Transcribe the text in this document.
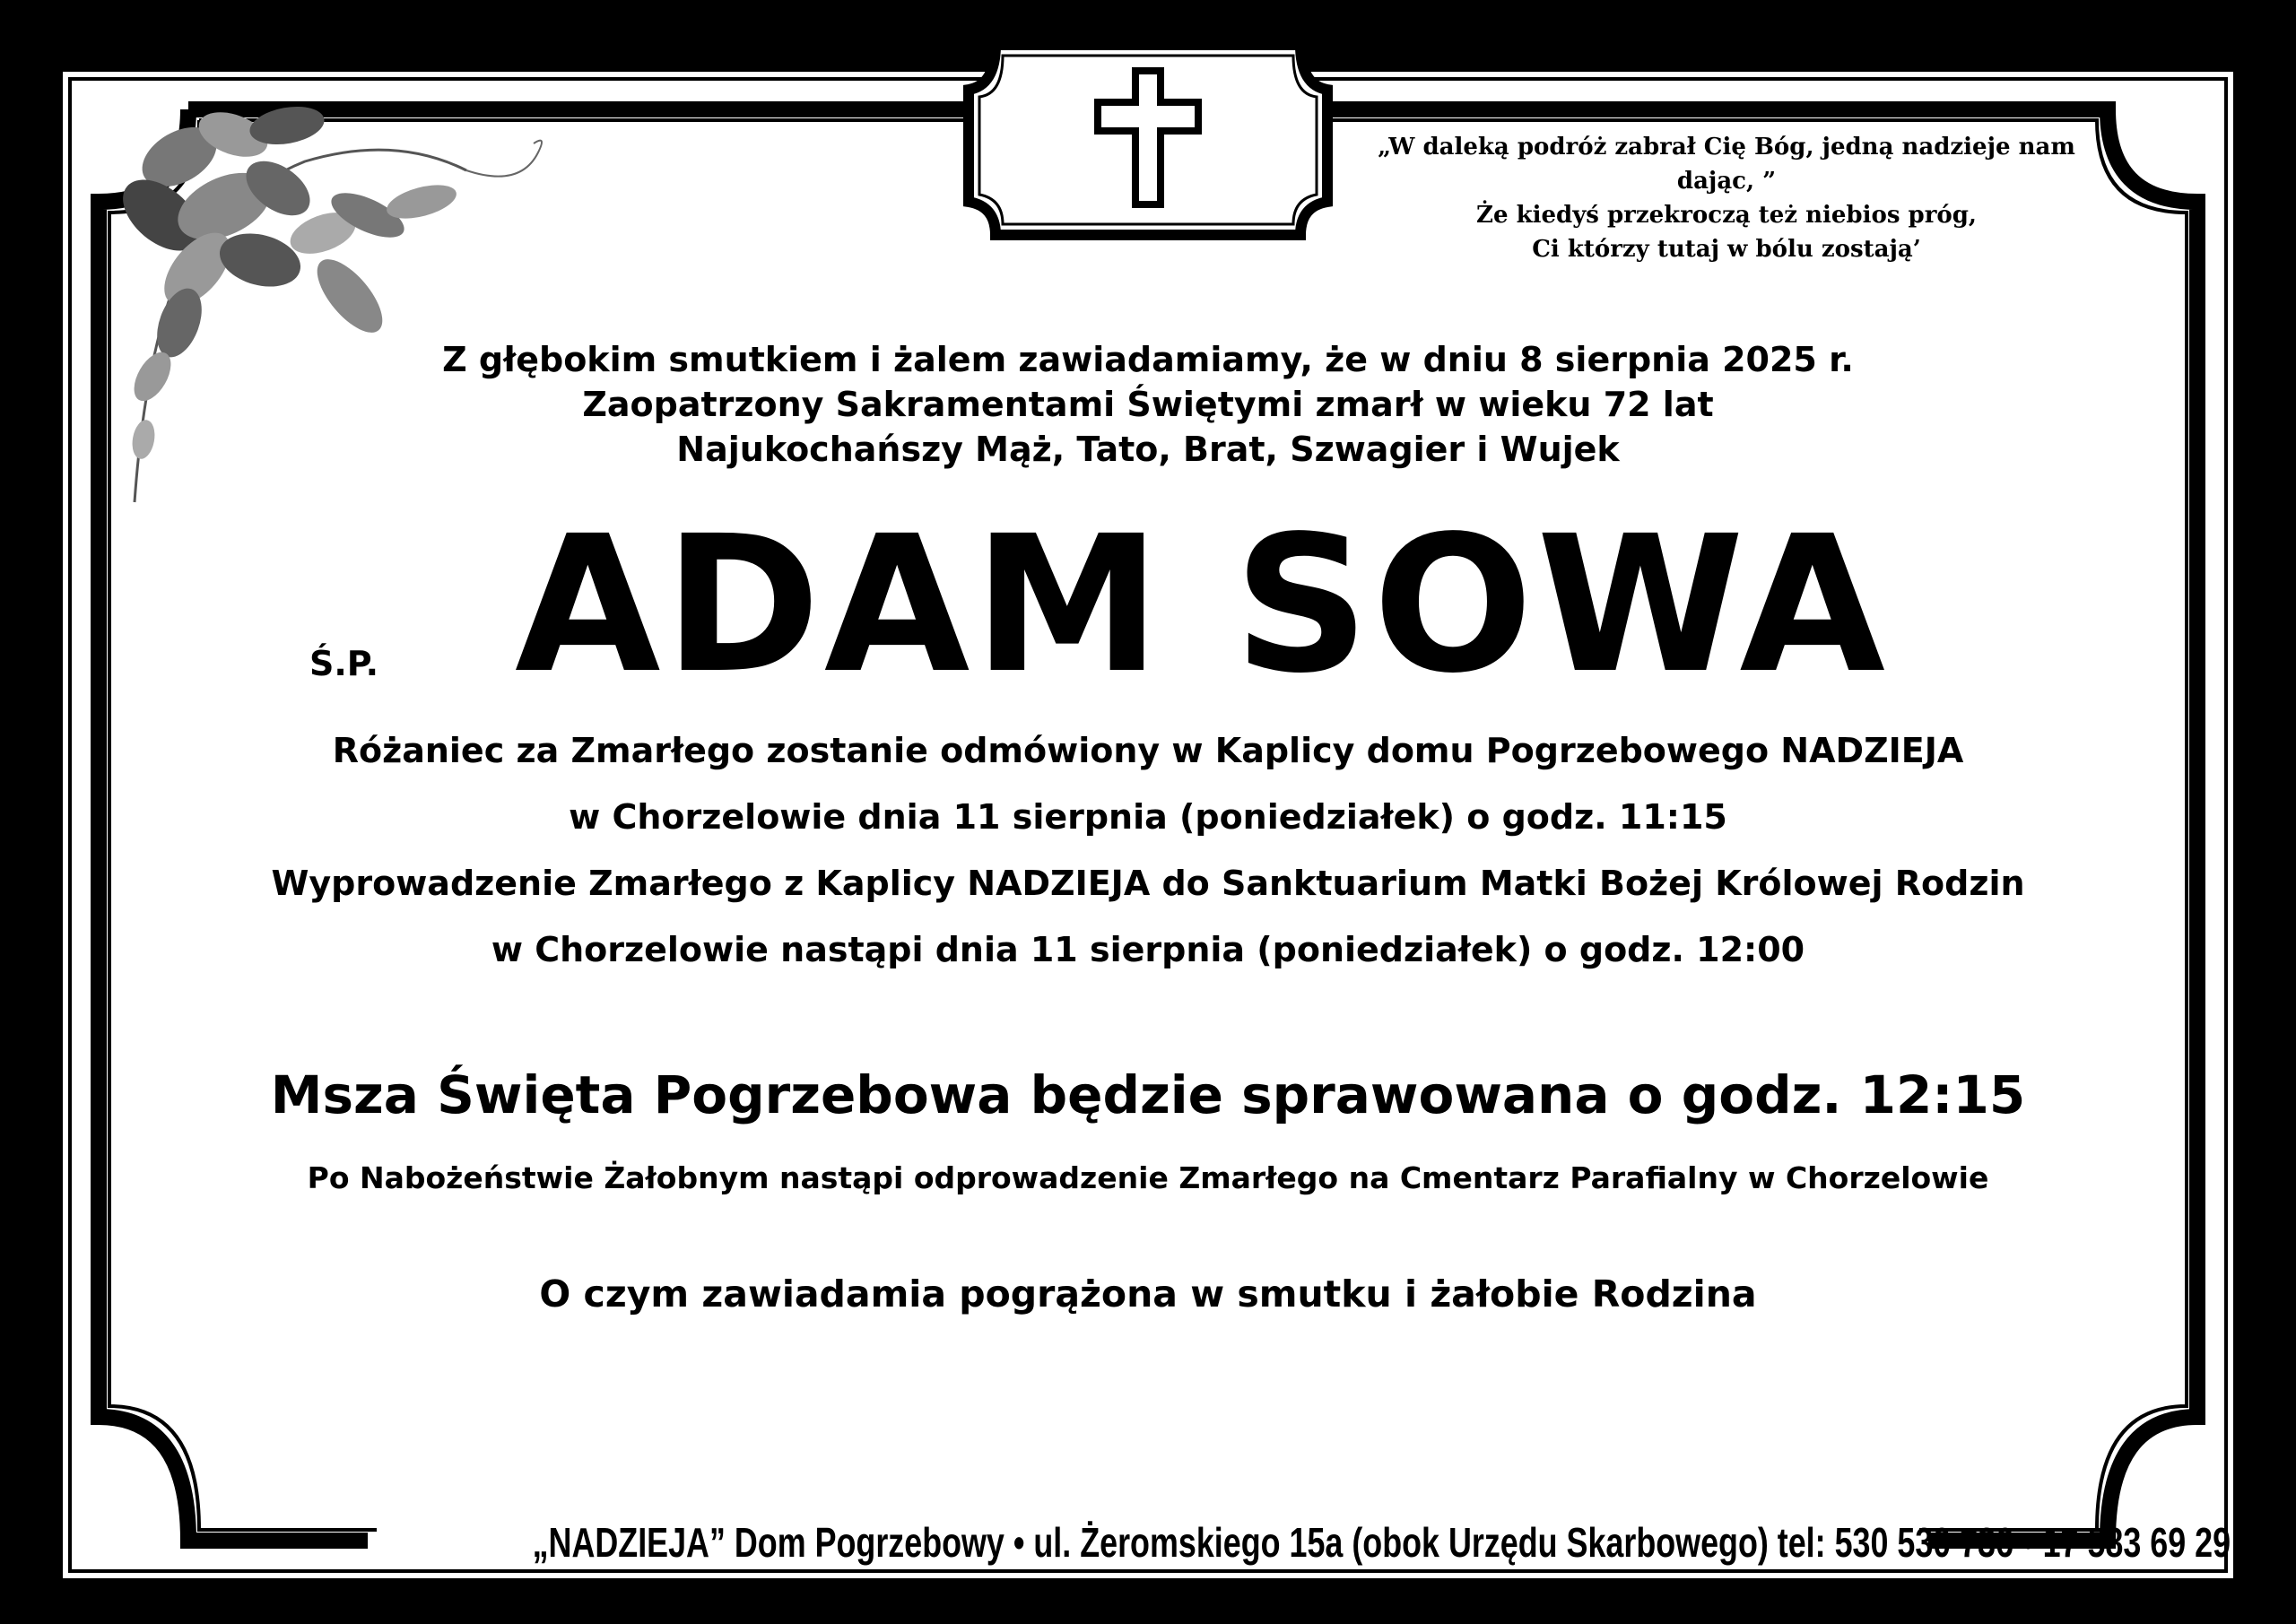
„W daleką podróż zabrał Cię Bóg, jedną nadzieje nam dając, ”
Że kiedyś przekroczą też niebios próg,
Ci którzy tutaj w bólu zostają’
Z głębokim smutkiem i żalem zawiadamiamy, że w dniu 8 sierpnia 2025 r.
Zaopatrzony Sakramentami Świętymi zmarł w wieku 72 lat
Najukochańszy Mąż, Tato, Brat, Szwagier i Wujek
Ś.P. ADAM SOWA
Różaniec za Zmarłego zostanie odmówiony w Kaplicy domu Pogrzebowego NADZIEJA
w Chorzelowie dnia 11 sierpnia (poniedziałek) o godz. 11:15
Wyprowadzenie Zmarłego z Kaplicy NADZIEJA do Sanktuarium Matki Bożej Królowej Rodzin
w Chorzelowie nastąpi dnia 11 sierpnia (poniedziałek) o godz. 12:00
Msza Święta Pogrzebowa będzie sprawowana o godz. 12:15
Po Nabożeństwie Żałobnym nastąpi odprowadzenie Zmarłego na Cmentarz Parafialny w Chorzelowie
O czym zawiadamia pogrążona w smutku i żałobie Rodzina
„NADZIEJA” Dom Pogrzebowy • ul. Żeromskiego 15a (obok Urzędu Skarbowego) tel: 530 530 736 • 17 583 69 29
